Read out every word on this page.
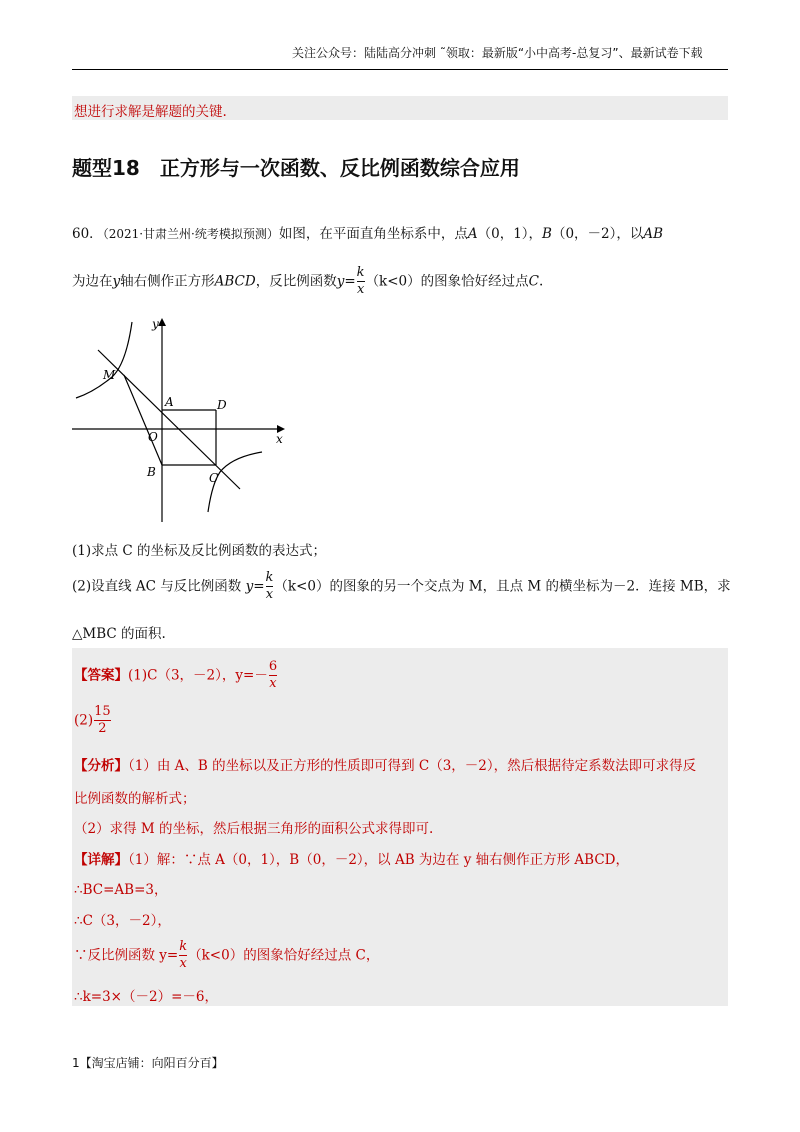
关注公众号：陆陆高分冲刺 ˜领取：最新版“小中高考-总复习”、最新试卷下载
想进行求解是解题的关键.
题型18　正方形与一次函数、反比例函数综合应用
60．（2021·甘肃兰州·统考模拟预测）如图，在平面直角坐标系中，点A（0，1），B（0，－2），以AB
为边在y轴右侧作正方形ABCD，反比例函数$y= \frac{k}{x} (k<0)$的图象恰好经过点C.
y
x
M
A	D
O
B	C
(1)求点 C 的坐标及反比例函数的表达式；
(2)设直线 AC 与反比例函数 $y= \frac{k}{x} (k<0)$的图象的另一个交点为 M，且点 M 的横坐标为－2．连接 MB，求
△MBC 的面积.
【答案】(1)C（3，－2），$y=- \frac{6}{x}$
$(2) \frac{15}{2}$
【分析】（1）由 A、B 的坐标以及正方形的性质即可得到 C（3，－2），然后根据待定系数法即可求得反
比例函数的解析式；
（2）求得 M 的坐标，然后根据三角形的面积公式求得即可.
【详解】（1）解：∵点 A（0，1），B（0，－2），以 AB 为边在 y 轴右侧作正方形 ABCD，
∴BC=AB=3，
∴C（3，－2），
∵反比例函数 $y= \frac{k}{x} (k<0)$的图象恰好经过点 C，
∴k=3×（－2）=－6，
1【淘宝店铺：向阳百分百】
